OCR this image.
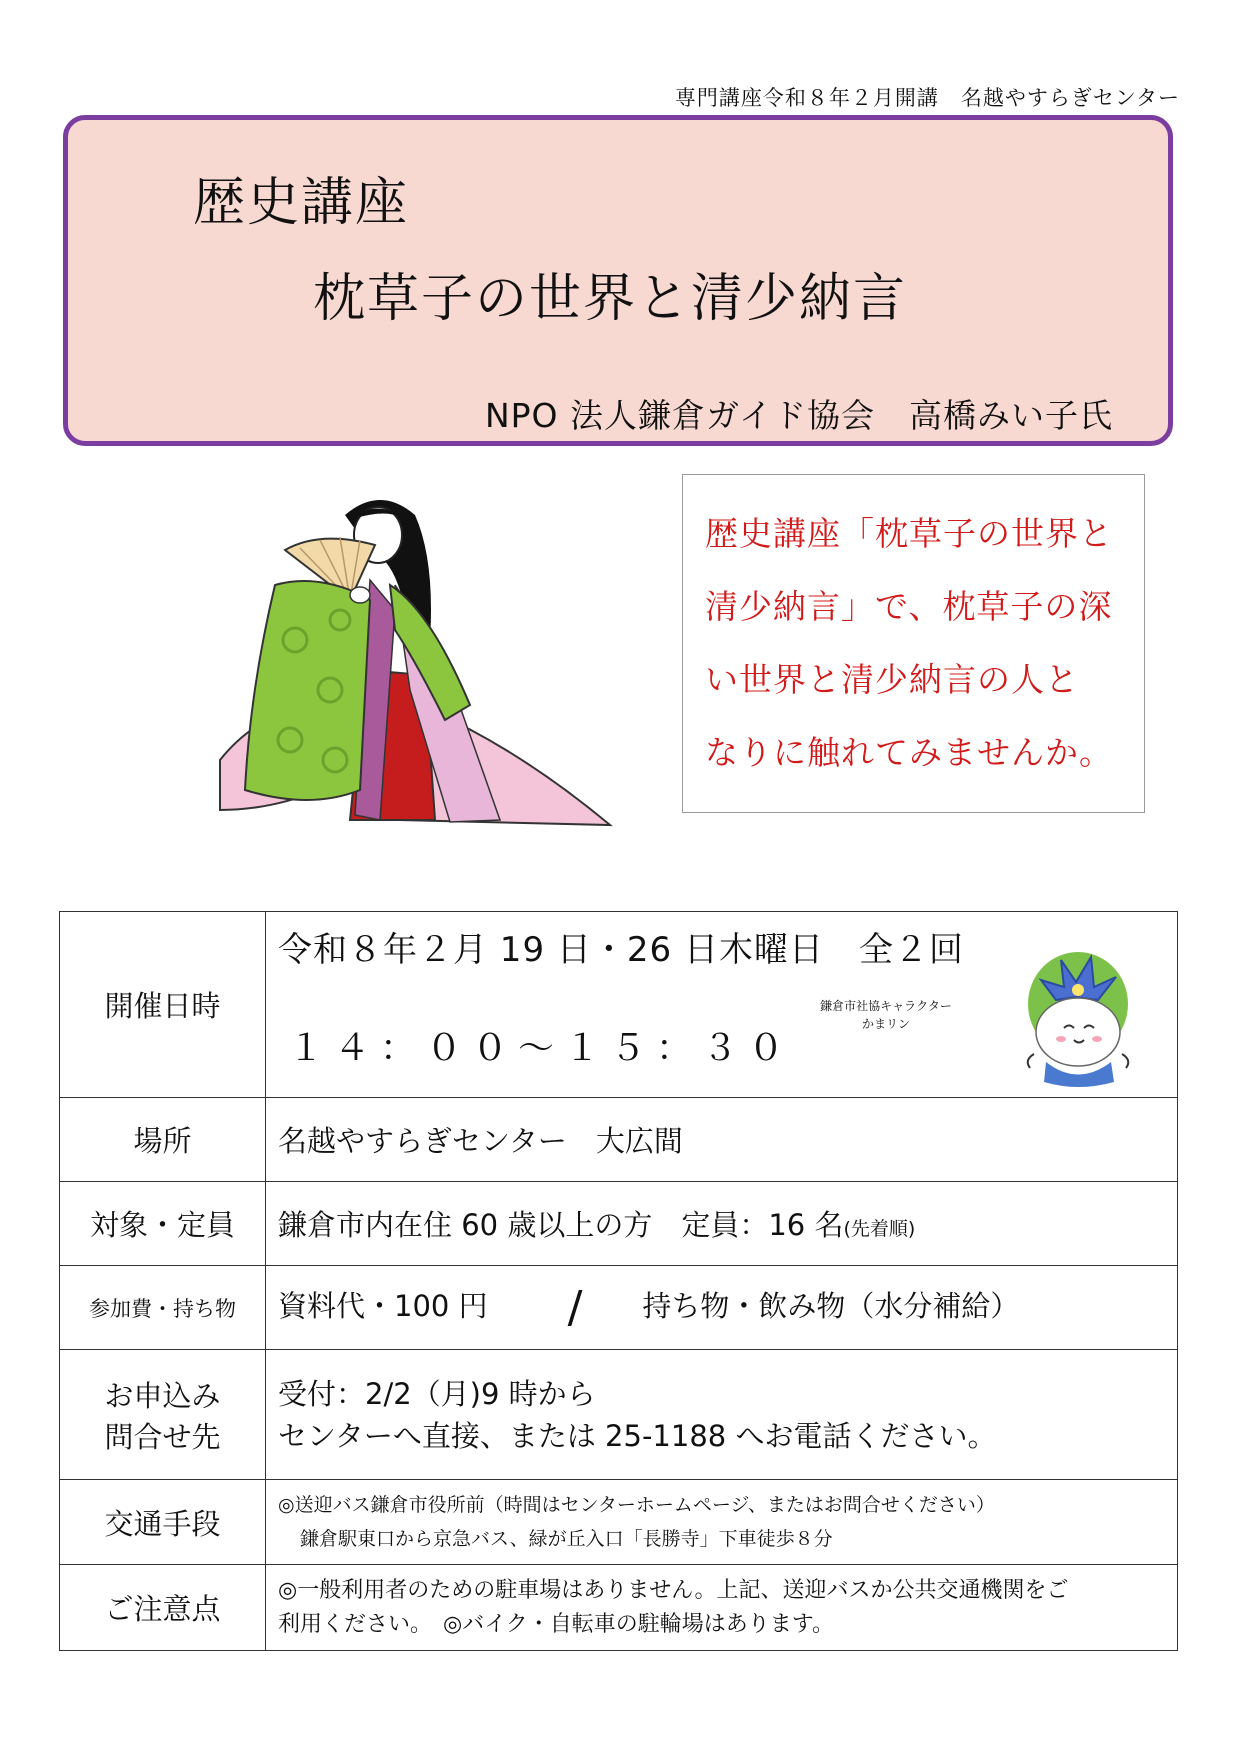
専門講座令和８年２月開講　名越やすらぎセンター
歴史講座
枕草子の世界と清少納言
NPO 法人鎌倉ガイド協会　高橋みい子氏
歴史講座「枕草子の世界と
清少納言」で、枕草子の深
い世界と清少納言の人と
なりに触れてみませんか。
開催日時	令和８年２月 19 日・26 日木曜日　全２回
１４：００～１５：３０
鎌倉市社協キャラクター
かまリン

場所	名越やすらぎセンター　大広間
対象・定員	鎌倉市内在住 60 歳以上の方　定員：16 名(先着順)
参加費・持ち物	資料代・100 円 / 持ち物・飲み物（水分補給）

お申込み
問合せ先	受付：2/2（月)9 時から
センターへ直接、または 25-1188 へお電話ください。

交通手段	◎送迎バス鎌倉市役所前（時間はセンターホームページ、またはお問合せください）
鎌倉駅東口から京急バス、緑が丘入口「長勝寺」下車徒歩８分

ご注意点	◎一般利用者のための駐車場はありません。上記、送迎バスか公共交通機関をご
利用ください。　◎バイク・自転車の駐輪場はあります。
